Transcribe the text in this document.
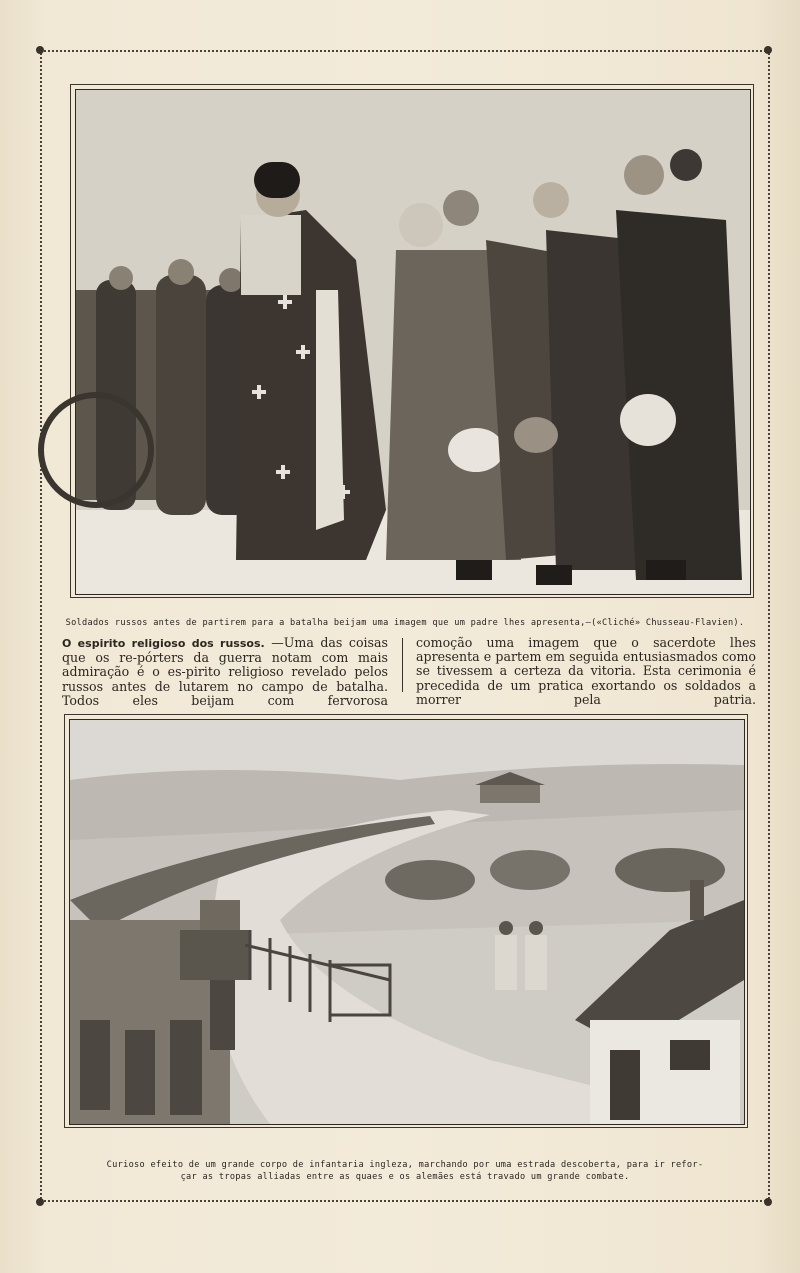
Soldados russos antes de partirem para a batalha beijam uma imagem que um padre lhes apresenta,—(«Cliché» Chusseau-Flavien).
O espirito religioso dos russos. —Uma das coisas que os re-pórters da guerra notam com mais admiração é o es-pirito religioso revelado pelos russos antes de lutarem no campo de batalha. Todos eles beijam com fervorosa
comoção uma imagem que o sacerdote lhes apresenta e partem em seguida entusiasmados como se tivessem a certeza da vitoria. Esta cerimonia é precedida de um pratica exortando os soldados a morrer pela patria.
Curioso efeito de um grande corpo de infantaria ingleza, marchando por uma estrada descoberta, para ir refor-
çar as tropas alliadas entre as quaes e os alemães está travado um grande combate.
